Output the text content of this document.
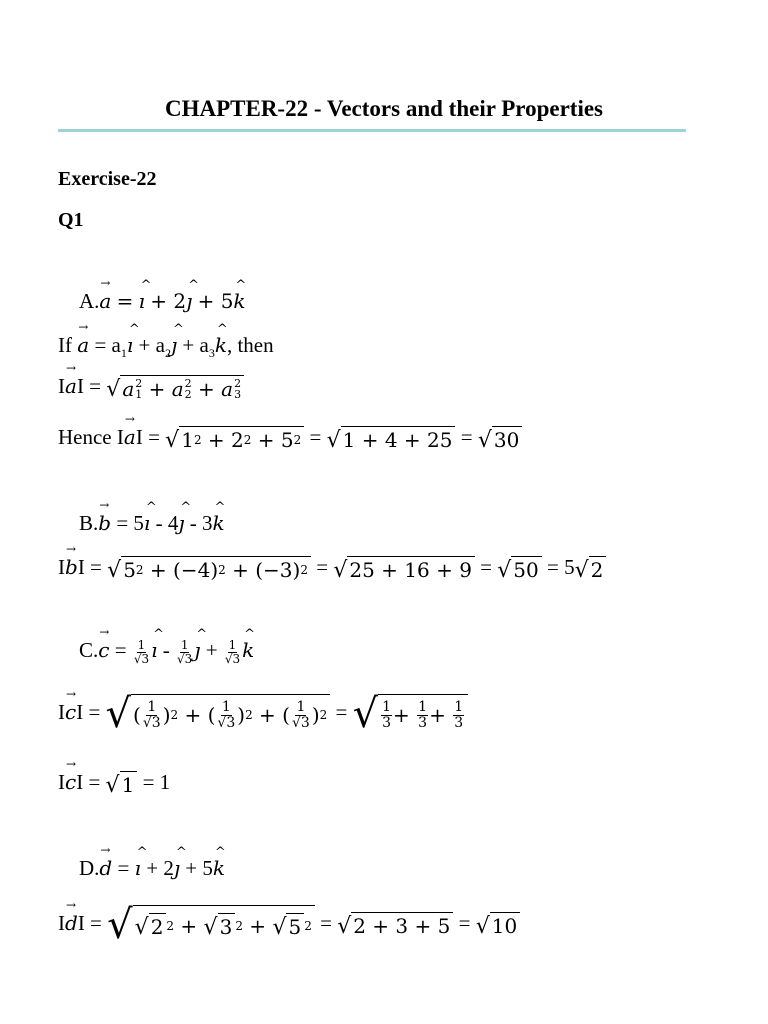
CHAPTER-22 - Vectors and their Properties
Exercise-22
Q1
A.a → = ı ^ + 2ȷ ^ + 5k ^
If a → = $a_1ı$ ^ + $a_2ȷ$ ^ + $a_3k$ ^, then
Ia →I = √ a 2
1 + a 2
2 + a 2
3
Hence Ia →I = √ 1 2 + 2 2 + 5 2 = √ 1 + 4 + 25 = √ 30
B.b → = 5ı ^ - 4ȷ ^ - 3k ^
Ib →I = √ 5 2 + (−4) 2 + (−3) 2 = √ 25 + 16 + 9 = √ 50 = 5 √ 2
C.c → = $\frac{1}{√3}$ ı ^ - $\frac{1}{√3}$ ȷ ^ + $\frac{1}{√3}$ k ^
Ic →I = √ ( $\frac{1}{√3}$ ) 2 + ( $\frac{1}{√3}$ ) 2 + ( $\frac{1}{√3}$ ) 2 = √ $\frac{1}{3} + \frac{1}{3} + \frac{1}{3}$
Ic →I = √ 1 = 1
D.d → = ı ^ + 2ȷ ^ + 5k ^
Id →I = √ √ 2 2 + √ 3 2 + √ 5 2 = √ 2 + 3 + 5 = √ 10
